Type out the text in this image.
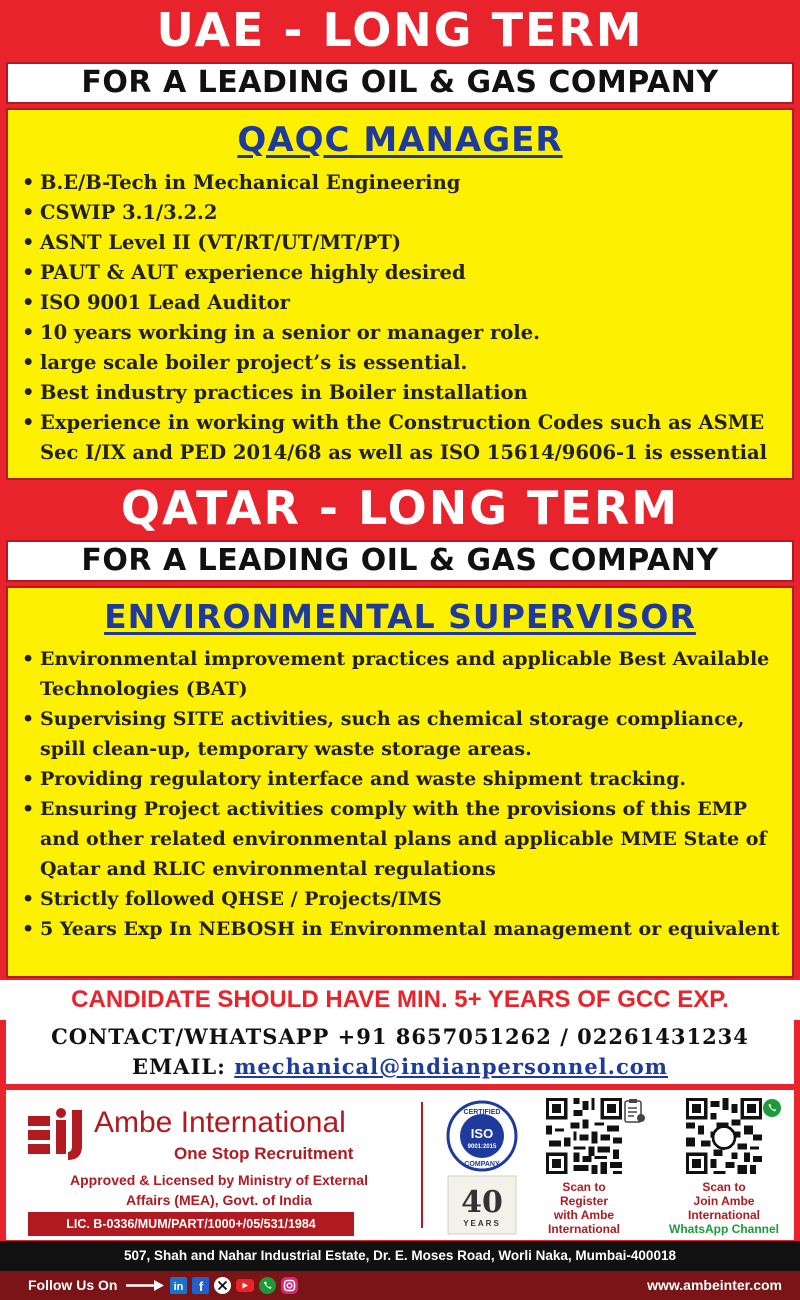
UAE - LONG TERM
FOR A LEADING OIL & GAS COMPANY
QAQC MANAGER
• B.E/B-Tech in Mechanical Engineering
• CSWIP 3.1/3.2.2
• ASNT Level II (VT/RT/UT/MT/PT)
• PAUT & AUT experience highly desired
• ISO 9001 Lead Auditor
• 10 years working in a senior or manager role.
• large scale boiler project’s is essential.
• Best industry practices in Boiler installation
• Experience in working with the Construction Codes such as ASME Sec I/IX and PED 2014/68 as well as ISO 15614/9606-1 is essential
QATAR - LONG TERM
FOR A LEADING OIL & GAS COMPANY
ENVIRONMENTAL SUPERVISOR
• Environmental improvement practices and applicable Best Available Technologies (BAT)
• Supervising SITE activities, such as chemical storage compliance, spill clean-up, temporary waste storage areas.
• Providing regulatory interface and waste shipment tracking.
• Ensuring Project activities comply with the provisions of this EMP and other related environmental plans and applicable MME State of Qatar and RLIC environmental regulations
• Strictly followed QHSE / Projects/IMS
• 5 Years Exp In NEBOSH in Environmental management or equivalent
CANDIDATE SHOULD HAVE MIN. 5+ YEARS OF GCC EXP.
CONTACT/WHATSAPP +91 8657051262 / 02261431234
EMAIL: mechanical@indianpersonnel.com
Ambe International
One Stop Recruitment
Approved & Licensed by Ministry of External
Affairs (MEA), Govt. of India
LIC. B-0336/MUM/PART/1000+/05/531/1984
CERTIFIED
ISO
9001:2015
COMPANY
40
YEARS
Scan to
Register
with Ambe
International
Scan to
Join Ambe
International
WhatsApp Channel
507, Shah and Nahar Industrial Estate, Dr. E. Moses Road, Worli Naka, Mumbai-400018
Follow Us On	in f	www.ambeinter.com
